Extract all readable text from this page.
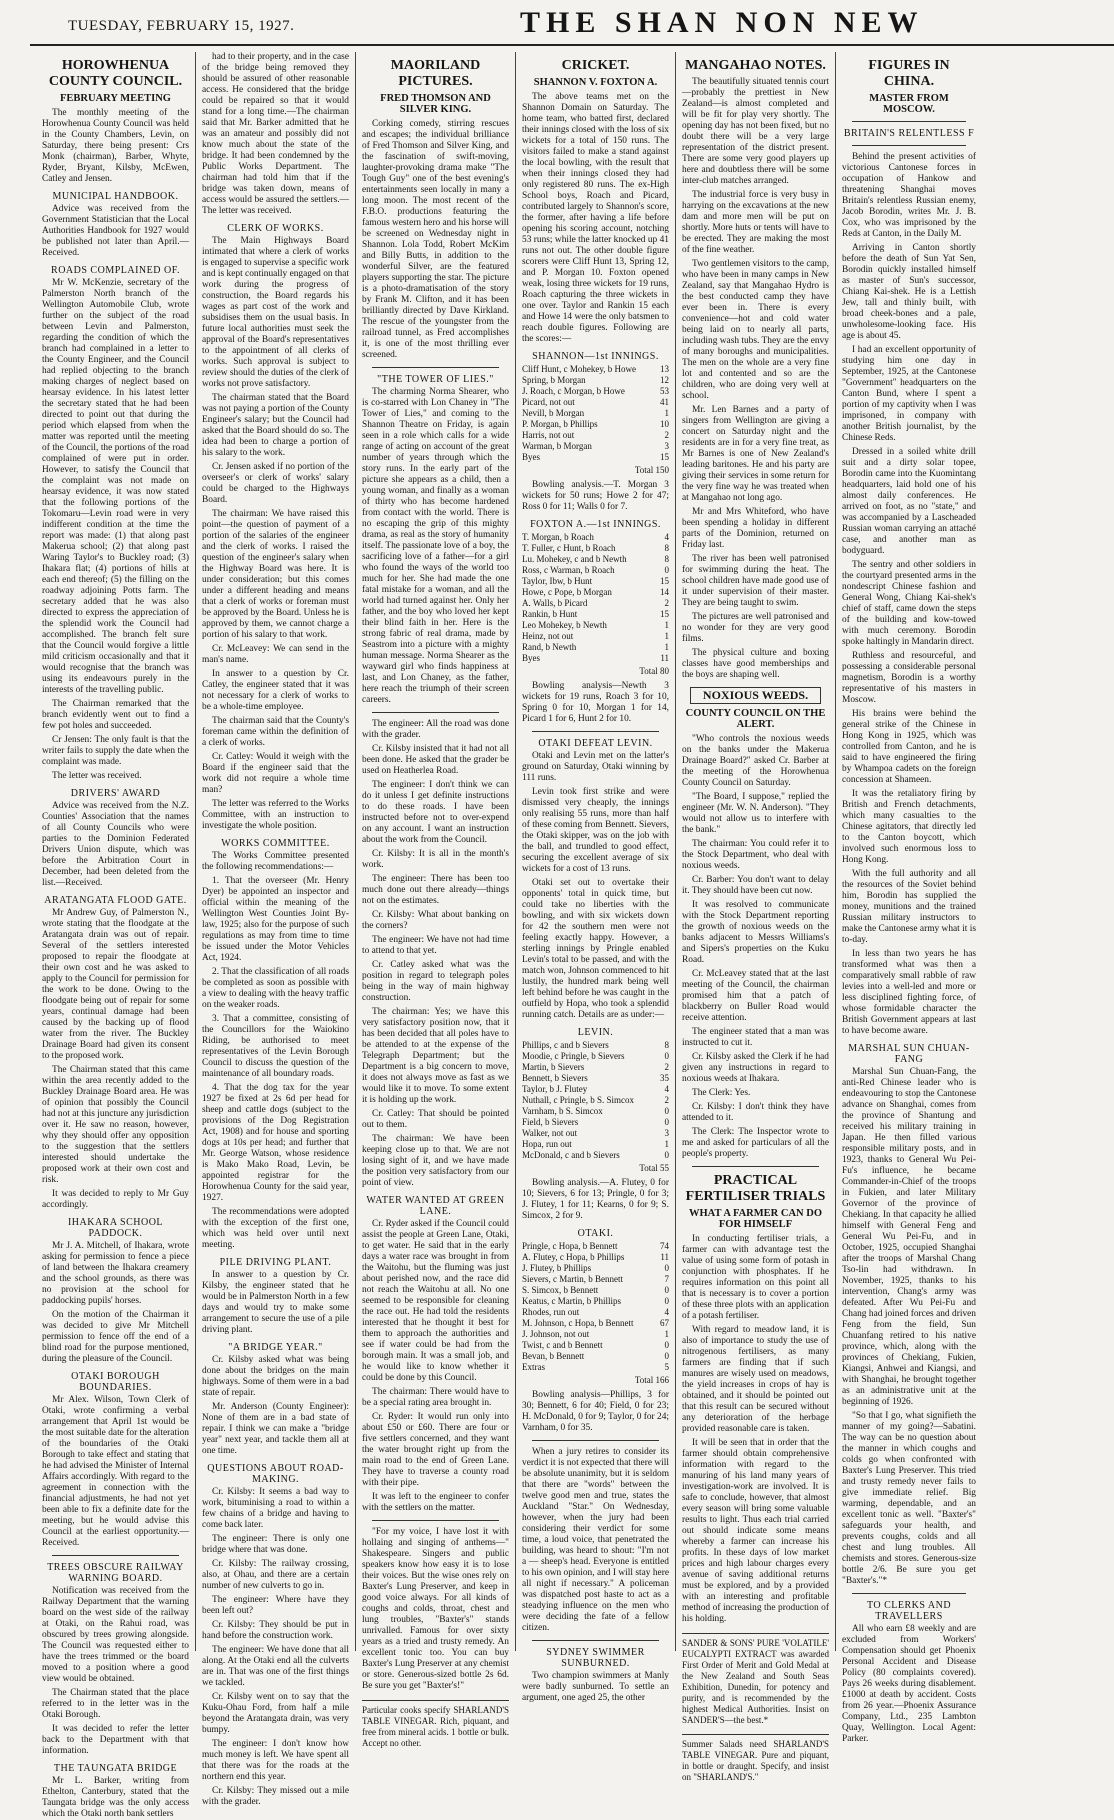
TUESDAY, FEBRUARY 15, 1927.	THE SHAN NON NEW
HOROWHENUA COUNTY COUNCIL.
FEBRUARY MEETING

The monthly meeting of the Horowhenua County Council was held in the County Chambers, Levin, on Saturday, there being present: Crs Monk (chairman), Barber, Whyte, Ryder, Bryant, Kilsby, McEwen, Catley and Jensen.

MUNICIPAL HANDBOOK.

Advice was received from the Government Statistician that the Local Authorities Handbook for 1927 would be published not later than April.—Received.

ROADS COMPLAINED OF.

Mr W. McKenzie, secretary of the Palmerston North branch of the Wellington Automobile Club, wrote further on the subject of the road between Levin and Palmerston, regarding the condition of which the branch had complained in a letter to the County Engineer, and the Council had replied objecting to the branch making charges of neglect based on hearsay evidence. In his latest letter the secretary stated that he had been directed to point out that during the period which elapsed from when the matter was reported until the meeting of the Council, the portions of the road complained of were put in order. However, to satisfy the Council that the complaint was not made on hearsay evidence, it was now stated that the following portions of the Tokomaru—Levin road were in very indifferent condition at the time the report was made: (1) that along past Makerua school; (2) that along past Waring Taylor's to Buckley road; (3) Ihakara flat; (4) portions of hills at each end thereof; (5) the filling on the roadway adjoining Potts farm. The secretary added that he was also directed to express the appreciation of the splendid work the Council had accomplished. The branch felt sure that the Council would forgive a little mild criticism occasionally and that it would recognise that the branch was using its endeavours purely in the interests of the travelling public.

The Chairman remarked that the branch evidently went out to find a few pot holes and succeeded.

Cr Jensen: The only fault is that the writer fails to supply the date when the complaint was made.

The letter was received.

DRIVERS' AWARD

Advice was received from the N.Z. Counties' Association that the names of all County Councils who were parties to the Dominion Federated Drivers Union dispute, which was before the Arbitration Court in December, had been deleted from the list.—Received.

ARATANGATA FLOOD GATE.

Mr Andrew Guy, of Palmerston N., wrote stating that the floodgate at the Aratangata drain was out of repair. Several of the settlers interested proposed to repair the floodgate at their own cost and he was asked to apply to the Council for permission for the work to be done. Owing to the floodgate being out of repair for some years, continual damage had been caused by the backing up of flood water from the river. The Buckley Drainage Board had given its consent to the proposed work.

The Chairman stated that this came within the area recently added to the Buckley Drainage Board area. He was of opinion that possibly the Council had not at this juncture any jurisdiction over it. He saw no reason, however, why they should offer any opposition to the suggestion that the settlers interested should undertake the proposed work at their own cost and risk.

It was decided to reply to Mr Guy accordingly.

IHAKARA SCHOOL PADDOCK.

Mr J. A. Mitchell, of Ihakara, wrote asking for permission to fence a piece of land between the Ihakara creamery and the school grounds, as there was no provision at the school for paddocking pupils' horses.

On the motion of the Chairman it was decided to give Mr Mitchell permission to fence off the end of a blind road for the purpose mentioned, during the pleasure of the Council.

OTAKI BOROUGH BOUNDARIES.

Mr Alex. Wilson, Town Clerk of Otaki, wrote confirming a verbal arrangement that April 1st would be the most suitable date for the alteration of the boundaries of the Otaki Borough to take effect and stating that he had advised the Minister of Internal Affairs accordingly. With regard to the agreement in connection with the financial adjustments, he had not yet been able to fix a definite date for the meeting, but he would advise this Council at the earliest opportunity.—Received.

TREES OBSCURE RAILWAY WARNING BOARD.

Notification was received from the Railway Department that the warning board on the west side of the railway at Otaki, on the Rahui road, was obscured by trees growing alongside. The Council was requested either to have the trees trimmed or the board moved to a position where a good view would be obtained.

The Chairman stated that the place referred to in the letter was in the Otaki Borough.

It was decided to refer the letter back to the Department with that information.

THE TAUNGATA BRIDGE

Mr L. Barker, writing from Ethelton, Canterbury, stated that the Taungata bridge was the only access which the Otaki north bank settlers

had to their property, and in the case of the bridge being removed they should be assured of other reasonable access. He considered that the bridge could be repaired so that it would stand for a long time.—The chairman said that Mr. Barker admitted that he was an amateur and possibly did not know much about the state of the bridge. It had been condemned by the Public Works Department. The chairman had told him that if the bridge was taken down, means of access would be assured the settlers.—The letter was received.

CLERK OF WORKS.

The Main Highways Board intimated that where a clerk of works is engaged to supervise a specific work and is kept continually engaged on that work during the progress of construction, the Board regards his wages as part cost of the work and subsidises them on the usual basis. In future local authorities must seek the approval of the Board's representatives to the appointment of all clerks of works. Such approval is subject to review should the duties of the clerk of works not prove satisfactory.

The chairman stated that the Board was not paying a portion of the County Engineer's salary; but the Council had asked that the Board should do so. The idea had been to charge a portion of his salary to the work.

Cr. Jensen asked if no portion of the overseer's or clerk of works' salary could be charged to the Highways Board.

The chairman: We have raised this point—the question of payment of a portion of the salaries of the engineer and the clerk of works. I raised the question of the engineer's salary when the Highway Board was here. It is under consideration; but this comes under a different heading and means that a clerk of works or foreman must be approved by the Board. Unless he is approved by them, we cannot charge a portion of his salary to that work.

Cr. McLeavey: We can send in the man's name.

In answer to a question by Cr. Catley, the engineer stated that it was not necessary for a clerk of works to be a whole-time employee.

The chairman said that the County's foreman came within the definition of a clerk of works.

Cr. Catley: Would it weigh with the Board if the engineer said that the work did not require a whole time man?

The letter was referred to the Works Committee, with an instruction to investigate the whole position.

WORKS COMMITTEE.

The Works Committee presented the following recommendations:—

1. That the overseer (Mr. Henry Dyer) be appointed an inspector and official within the meaning of the Wellington West Counties Joint By-law, 1925; also for the purpose of such regulations as may from time to time be issued under the Motor Vehicles Act, 1924.

2. That the classification of all roads be completed as soon as possible with a view to dealing with the heavy traffic on the weaker roads.

3. That a committee, consisting of the Councillors for the Waiokino Riding, be authorised to meet representatives of the Levin Borough Council to discuss the question of the maintenance of all boundary roads.

4. That the dog tax for the year 1927 be fixed at 2s 6d per head for sheep and cattle dogs (subject to the provisions of the Dog Registration Act, 1908) and for house and sporting dogs at 10s per head; and further that Mr. George Watson, whose residence is Mako Mako Road, Levin, be appointed registrar for the Horowhenua County for the said year, 1927.

The recommendations were adopted with the exception of the first one, which was held over until next meeting.

PILE DRIVING PLANT.

In answer to a question by Cr. Kilsby, the engineer stated that he would be in Palmerston North in a few days and would try to make some arrangement to secure the use of a pile driving plant.

"A BRIDGE YEAR."

Cr. Kilsby asked what was being done about the bridges on the main highways. Some of them were in a bad state of repair.

Mr. Anderson (County Engineer): None of them are in a bad state of repair. I think we can make a "bridge year" next year, and tackle them all at one time.

QUESTIONS ABOUT ROAD-MAKING.

Cr. Kilsby: It seems a bad way to work, bituminising a road to within a few chains of a bridge and having to come back later.

The engineer: There is only one bridge where that was done.

Cr. Kilsby: The railway crossing, also, at Ohau, and there are a certain number of new culverts to go in.

The engineer: Where have they been left out?

Cr. Kilsby: They should be put in hand before the construction work.

The engineer: We have done that all along. At the Otaki end all the culverts are in. That was one of the first things we tackled.

Cr. Kilsby went on to say that the Kuku-Ohau Ford, from half a mile beyond the Aratangata drain, was very bumpy.

The engineer: I don't know how much money is left. We have spent all that there was for the roads at the northern end this year.

Cr. Kilsby: They missed out a mile with the grader.

MAORILAND PICTURES.
FRED THOMSON AND SILVER KING.

Corking comedy, stirring rescues and escapes; the individual brilliance of Fred Thomson and Silver King, and the fascination of swift-moving, laughter-provoking drama make "The Tough Guy" one of the best evening's entertainments seen locally in many a long moon. The most recent of the F.B.O. productions featuring the famous western hero and his horse will be screened on Wednesday night in Shannon. Lola Todd, Robert McKim and Billy Butts, in addition to the wonderful Silver, are the featured players supporting the star. The picture is a photo-dramatisation of the story by Frank M. Clifton, and it has been brilliantly directed by Dave Kirkland. The rescue of the youngster from the railroad tunnel, as Fred accomplishes it, is one of the most thrilling ever screened.

"THE TOWER OF LIES."

The charming Norma Shearer, who is co-starred with Lon Chaney in "The Tower of Lies," and coming to the Shannon Theatre on Friday, is again seen in a role which calls for a wide range of acting on account of the great number of years through which the story runs. In the early part of the picture she appears as a child, then a young woman, and finally as a woman of thirty who has become hardened from contact with the world. There is no escaping the grip of this mighty drama, as real as the story of humanity itself. The passionate love of a boy, the sacrificing love of a father—for a girl who found the ways of the world too much for her. She had made the one fatal mistake for a woman, and all the world had turned against her. Only her father, and the boy who loved her kept their blind faith in her. Here is the strong fabric of real drama, made by Seastrom into a picture with a mighty human message. Norma Shearer as the wayward girl who finds happiness at last, and Lon Chaney, as the father, here reach the triumph of their screen careers.

The engineer: All the road was done with the grader.

Cr. Kilsby insisted that it had not all been done. He asked that the grader be used on Heatherlea Road.

The engineer: I don't think we can do it unless I get definite instructions to do these roads. I have been instructed before not to over-expend on any account. I want an instruction about the work from the Council.

Cr. Kilsby: It is all in the month's work.

The engineer: There has been too much done out there already—things not on the estimates.

Cr. Kilsby: What about banking on the corners?

The engineer: We have not had time to attend to that yet.

Cr. Catley asked what was the position in regard to telegraph poles being in the way of main highway construction.

The chairman: Yes; we have this very satisfactory position now, that it has been decided that all poles have to be attended to at the expense of the Telegraph Department; but the Department is a big concern to move, it does not always move as fast as we would like it to move. To some extent it is holding up the work.

Cr. Catley: That should be pointed out to them.

The chairman: We have been keeping close up to that. We are not losing sight of it, and we have made the position very satisfactory from our point of view.

WATER WANTED AT GREEN LANE.

Cr. Ryder asked if the Council could assist the people at Green Lane, Otaki, to get water. He said that in the early days a water race was brought in from the Waitohu, but the fluming was just about perished now, and the race did not reach the Waitohu at all. No one seemed to be responsible for cleaning the race out. He had told the residents interested that he thought it best for them to approach the authorities and see if water could be had from the borough main. It was a small job, and he would like to know whether it could be done by this Council.

The chairman: There would have to be a special rating area brought in.

Cr. Ryder: It would run only into about £50 or £60. There are four or five settlers concerned, and they want the water brought right up from the main road to the end of Green Lane. They have to traverse a county road with their pipe.

It was left to the engineer to confer with the settlers on the matter.

"For my voice, I have lost it with hollaing and singing of anthems—" Shakespeare. Singers and public speakers know how easy it is to lose their voices. But the wise ones rely on Baxter's Lung Preserver, and keep in good voice always. For all kinds of coughs and colds, throat, chest and lung troubles, "Baxter's" stands unrivalled. Famous for over sixty years as a tried and trusty remedy. An excellent tonic too. You can buy Baxter's Lung Preserver at any chemist or store. Generous-sized bottle 2s 6d. Be sure you get "Baxter's!"

Particular cooks specify SHARLAND'S TABLE VINEGAR. Rich, piquant, and free from mineral acids. 1 bottle or bulk. Accept no other.
CRICKET.
SHANNON V. FOXTON A.

The above teams met on the Shannon Domain on Saturday. The home team, who batted first, declared their innings closed with the loss of six wickets for a total of 150 runs. The visitors failed to make a stand against the local bowling, with the result that when their innings closed they had only registered 80 runs. The ex-High School boys, Roach and Picard, contributed largely to Shannon's score, the former, after having a life before opening his scoring account, notching 53 runs; while the latter knocked up 41 runs not out. The other double figure scorers were Cliff Hunt 13, Spring 12, and P. Morgan 10. Foxton opened weak, losing three wickets for 19 runs, Roach capturing the three wickets in one over. Taylor and Rankin 15 each and Howe 14 were the only batsmen to reach double figures. Following are the scores:—

SHANNON—1st INNINGS.
Cliff Hunt, c Mohekey, b Howe	13
Spring, b Morgan	12
J. Roach, c Morgan, b Howe	53
Picard, not out	41
Nevill, b Morgan	1
P. Morgan, b Phillips	10
Harris, not out	2
Warman, b Morgan	3
Byes	15
Total 150

Bowling analysis.—T. Morgan 3 wickets for 50 runs; Howe 2 for 47; Ross 0 for 11; Walls 0 for 7.

FOXTON A.—1st INNINGS.
T. Morgan, b Roach	4
T. Fuller, c Hunt, b Roach	8
Lu. Mohekey, c and b Newth	8
Ross, c Warman, b Roach	0
Taylor, Ibw, b Hunt	15
Howe, c Pope, b Morgan	14
A. Walls, b Picard	2
Rankin, b Hunt	15
Leo Mohekey, b Newth	1
Heinz, not out	1
Rand, b Newth	1
Byes	11
Total 80

Bowling analysis—Newth 3 wickets for 19 runs, Roach 3 for 10, Spring 0 for 10, Morgan 1 for 14, Picard 1 for 6, Hunt 2 for 10.

OTAKI DEFEAT LEVIN.

Otaki and Levin met on the latter's ground on Saturday, Otaki winning by 111 runs.

Levin took first strike and were dismissed very cheaply, the innings only realising 55 runs, more than half of these coming from Bennett. Sievers, the Otaki skipper, was on the job with the ball, and trundled to good effect, securing the excellent average of six wickets for a cost of 13 runs.

Otaki set out to overtake their opponents' total in quick time, but could take no liberties with the bowling, and with six wickets down for 42 the southern men were not feeling exactly happy. However, a sterling innings by Pringle enabled Levin's total to be passed, and with the match won, Johnson commenced to hit lustily, the hundred mark being well left behind before he was caught in the outfield by Hopa, who took a splendid running catch. Details are as under:—

LEVIN.
Phillips, c and b Sievers	8
Moodie, c Pringle, b Sievers	0
Martin, b Sievers	2
Bennett, b Sievers	35
Taylor, b J. Flutey	4
Nuthall, c Pringle, b S. Simcox	2
Varnham, b S. Simcox	0
Field, b Sievers	0
Walker, not out	3
Hopa, run out	1
McDonald, c and b Sievers	0
Total 55

Bowling analysis.—A. Flutey, 0 for 10; Sievers, 6 for 13; Pringle, 0 for 3; J. Flutey, 1 for 11; Kearns, 0 for 9; S. Simcox, 2 for 9.

OTAKI.
Pringle, c Hopa, b Bennett	74
A. Flutey, c Hopa, b Phillips	11
J. Flutey, b Phillips	0
Sievers, c Martin, b Bennett	7
S. Simcox, b Bennett	0
Keatus, c Martin, b Phillips	0
Rhodes, run out	4
M. Johnson, c Hopa, b Bennett	67
J. Johnson, not out	1
Twist, c and b Bennett	0
Bevan, b Bennett	0
Extras	5
Total 166

Bowling analysis—Phillips, 3 for 30; Bennett, 6 for 40; Field, 0 for 23; H. McDonald, 0 for 9; Taylor, 0 for 24; Varnham, 0 for 35.

When a jury retires to consider its verdict it is not expected that there will be absolute unanimity, but it is seldom that there are "words" between the twelve good men and true, states the Auckland "Star." On Wednesday, however, when the jury had been considering their verdict for some time, a loud voice, that penetrated the building, was heard to shout: "I'm not a — sheep's head. Everyone is entitled to his own opinion, and I will stay here all night if necessary." A policeman was dispatched post haste to act as a steadying influence on the men who were deciding the fate of a fellow citizen.

SYDNEY SWIMMER SUNBURNED.

Two champion swimmers at Manly were badly sunburned. To settle an argument, one aged 25, the other

MANGAHAO NOTES.

The beautifully situated tennis court—probably the prettiest in New Zealand—is almost completed and will be fit for play very shortly. The opening day has not been fixed, but no doubt there will be a very large representation of the district present. There are some very good players up here and doubtless there will be some inter-club matches arranged.

The industrial force is very busy in harrying on the excavations at the new dam and more men will be put on shortly. More huts or tents will have to be erected. They are making the most of the fine weather.

Two gentlemen visitors to the camp, who have been in many camps in New Zealand, say that Mangahao Hydro is the best conducted camp they have ever been in. There is every convenience—hot and cold water being laid on to nearly all parts, including wash tubs. They are the envy of many boroughs and municipalities. The men on the whole are a very fine lot and contented and so are the children, who are doing very well at school.

Mr. Len Barnes and a party of singers from Wellington are giving a concert on Saturday night and the residents are in for a very fine treat, as Mr Barnes is one of New Zealand's leading baritones. He and his party are giving their services in some return for the very fine way he was treated when at Mangahao not long ago.

Mr and Mrs Whiteford, who have been spending a holiday in different parts of the Dominion, returned on Friday last.

The river has been well patronised for swimming during the heat. The school children have made good use of it under supervision of their master. They are being taught to swim.

The pictures are well patronised and no wonder for they are very good films.

The physical culture and boxing classes have good memberships and the boys are shaping well.

NOXIOUS WEEDS.
COUNTY COUNCIL ON THE ALERT.

"Who controls the noxious weeds on the banks under the Makerua Drainage Board?" asked Cr. Barber at the meeting of the Horowhenua County Council on Saturday.

"The Board, I suppose," replied the engineer (Mr. W. N. Anderson). "They would not allow us to interfere with the bank."

The chairman: You could refer it to the Stock Department, who deal with noxious weeds.

Cr. Barber: You don't want to delay it. They should have been cut now.

It was resolved to communicate with the Stock Department reporting the growth of noxious weeds on the banks adjacent to Messrs Williams's and Sipers's properties on the Kuku Road.

Cr. McLeavey stated that at the last meeting of the Council, the chairman promised him that a patch of blackberry on Buller Road would receive attention.

The engineer stated that a man was instructed to cut it.

Cr. Kilsby asked the Clerk if he had given any instructions in regard to noxious weeds at Ihakara.

The Clerk: Yes.

Cr. Kilsby: I don't think they have attended to it.

The Clerk: The Inspector wrote to me and asked for particulars of all the people's property.

PRACTICAL FERTILISER TRIALS
WHAT A FARMER CAN DO FOR HIMSELF

In conducting fertiliser trials, a farmer can with advantage test the value of using some form of potash in conjunction with phosphates. If he requires information on this point all that is necessary is to cover a portion of these three plots with an application of a potash fertiliser.

With regard to meadow land, it is also of importance to study the use of nitrogenous fertilisers, as many farmers are finding that if such manures are wisely used on meadows, the yield increases in crops of hay is obtained, and it should be pointed out that this result can be secured without any deterioration of the herbage provided reasonable care is taken.

It will be seen that in order that the farmer should obtain comprehensive information with regard to the manuring of his land many years of investigation-work are involved. It is safe to conclude, however, that almost every season will bring some valuable results to light. Thus each trial carried out should indicate some means whereby a farmer can increase his profits. In these days of low market prices and high labour charges every avenue of saving additional returns must be explored, and by a provided with an interesting and profitable method of increasing the production of his holding.

SANDER & SONS' PURE 'VOLATILE' EUCALYPTI EXTRACT was awarded First Order of Merit and Gold Medal at the New Zealand and South Seas Exhibition, Dunedin, for potency and purity, and is recommended by the highest Medical Authorities. Insist on SANDER'S—the best.*
Summer Salads need SHARLAND'S TABLE VINEGAR. Pure and piquant, in bottle or draught. Specify, and insist on "SHARLAND'S."
FIGURES IN CHINA.
MASTER FROM MOSCOW.
BRITAIN'S RELENTLESS F

Behind the present activities of victorious Cantonese forces in occupation of Hankow and threatening Shanghai moves Britain's relentless Russian enemy, Jacob Borodin, writes Mr. J. B. Cox, who was imprisoned by the Reds at Canton, in the Daily M.

Arriving in Canton shortly before the death of Sun Yat Sen, Borodin quickly installed himself as master of Sun's successor, Chiang Kai-shek. He is a Lettish Jew, tall and thinly built, with broad cheek-bones and a pale, unwholesome-looking face. His age is about 45.

I had an excellent opportunity of studying him one day in September, 1925, at the Cantonese "Government" headquarters on the Canton Bund, where I spent a portion of my captivity when I was imprisoned, in company with another British journalist, by the Chinese Reds.

Dressed in a soiled white drill suit and a dirty solar topee, Borodin came into the Kuomintang headquarters, laid hold one of his almost daily conferences. He arrived on foot, as no "state," and was accompanied by a Lascheaded Russian woman carrying an attaché case, and another man as bodyguard.

The sentry and other soldiers in the courtyard presented arms in the nondescript Chinese fashion and General Wong, Chiang Kai-shek's chief of staff, came down the steps of the building and kow-towed with much ceremony. Borodin spoke haltingly in Mandarin direct.

Ruthless and resourceful, and possessing a considerable personal magnetism, Borodin is a worthy representative of his masters in Moscow.

His brains were behind the general strike of the Chinese in Hong Kong in 1925, which was controlled from Canton, and he is said to have engineered the firing by Whampoa cadets on the foreign concession at Shameen.

It was the retaliatory firing by British and French detachments, which many casualties to the Chinese agitators, that directly led to the Canton boycott, which involved such enormous loss to Hong Kong.

With the full authority and all the resources of the Soviet behind him, Borodin has supplied the money, munitions and the trained Russian military instructors to make the Cantonese army what it is to-day.

In less than two years he has transformed what was then a comparatively small rabble of raw levies into a well-led and more or less disciplined fighting force, of whose formidable character the British Government appears at last to have become aware.

MARSHAL SUN CHUAN-FANG

Marshal Sun Chuan-Fang, the anti-Red Chinese leader who is endeavouring to stop the Cantonese advance on Shanghai, comes from the province of Shantung and received his military training in Japan. He then filled various responsible military posts, and in 1923, thanks to General Wu Pei-Fu's influence, he became Commander-in-Chief of the troops in Fukien, and later Military Governor of the province of Chekiang. In that capacity he allied himself with General Feng and General Wu Pei-Fu, and in October, 1925, occupied Shanghai after the troops of Marshal Chang Tso-lin had withdrawn. In November, 1925, thanks to his intervention, Chang's army was defeated. After Wu Pei-Fu and Chang had joined forces and driven Feng from the field, Sun Chuanfang retired to his native province, which, along with the provinces of Chekiang, Fukien, Kiangsi, Anhwei and Kiangsi, and with Shanghai, he brought together as an administrative unit at the beginning of 1926.

"So that I go, what signifieth the manner of my going?—Sabatini. The way can be no question about the manner in which coughs and colds go when confronted with Baxter's Lung Preserver. This tried and trusty remedy never fails to give immediate relief. Big warming, dependable, and an excellent tonic as well. "Baxter's" safeguards your health, and prevents coughs, colds and all chest and lung troubles. All chemists and stores. Generous-size bottle 2/6. Be sure you get "Baxter's."*

TO CLERKS AND TRAVELLERS

All who earn £8 weekly and are excluded from Workers' Compensation should get Phoenix Personal Accident and Disease Policy (80 complaints covered). Pays 26 weeks during disablement. £1000 at death by accident. Costs from 26 year.—Phoenix Assurance Company, Ltd., 235 Lambton Quay, Wellington. Local Agent: Parker.
